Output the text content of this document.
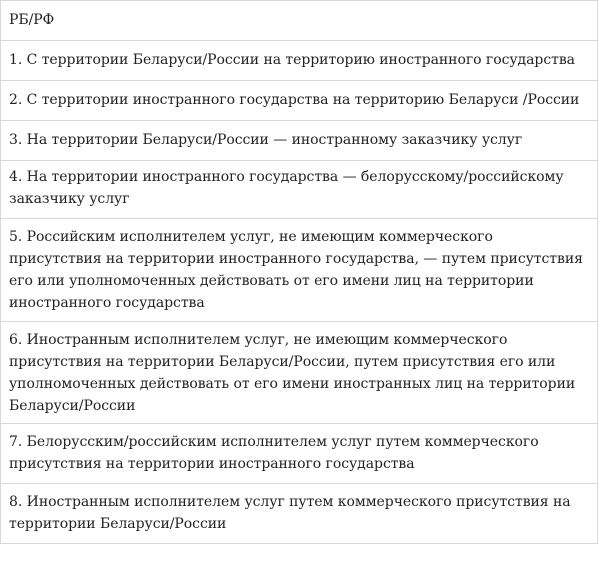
РБ/РФ
1. С территории Беларуси/России на территорию иностранного государства
2. С территории иностранного государства на территорию Беларуси /России
3. На территории Беларуси/России — иностранному заказчику услуг
4. На территории иностранного государства — белорусскому/российскому заказчику услуг
5. Российским исполнителем услуг, не имеющим коммерческого присутствия на территории иностранного государства, — путем присутствия его или уполномоченных действовать от его имени лиц на территории иностранного государства
6. Иностранным исполнителем услуг, не имеющим коммерческого присутствия на территории Беларуси/России, путем присутствия его или уполномоченных действовать от его имени иностранных лиц на территории Беларуси/России
7. Белорусским/российским исполнителем услуг путем коммерческого присутствия на территории иностранного государства
8. Иностранным исполнителем услуг путем коммерческого присутствия на территории Беларуси/России
